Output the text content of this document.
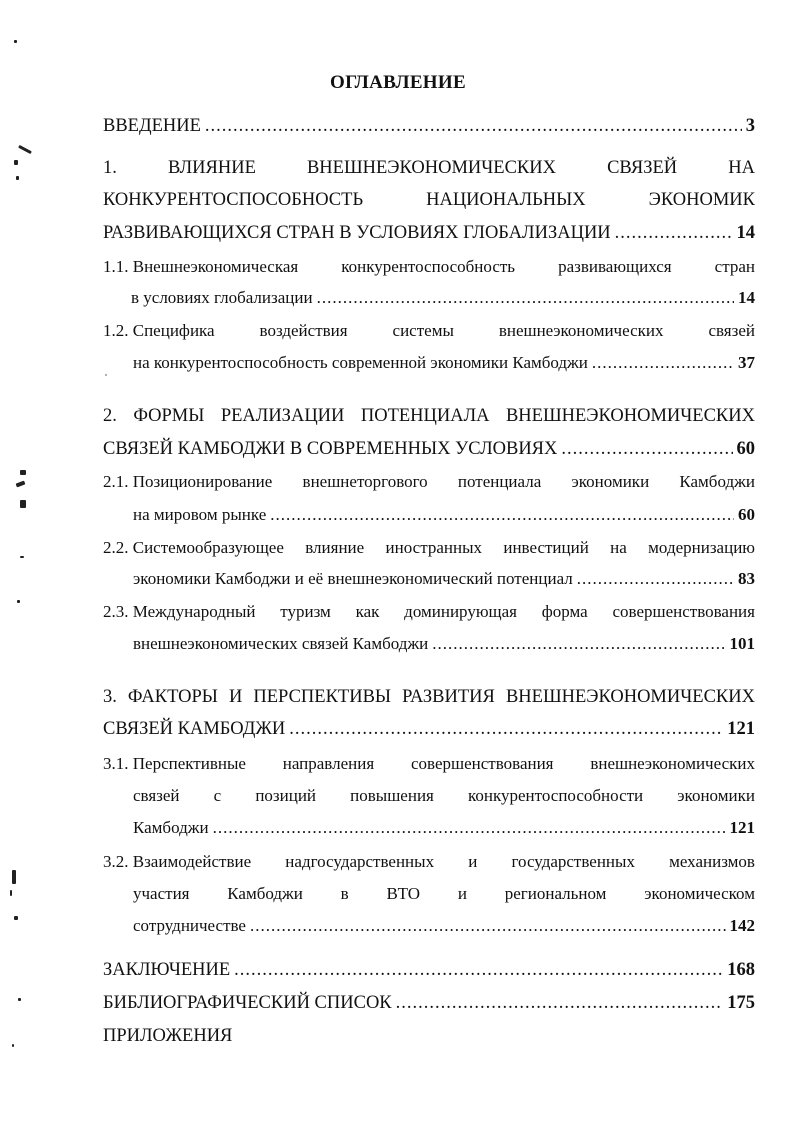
ОГЛАВЛЕНИЕ
ВВЕДЕНИЕ .....	3
1.	ВЛИЯНИЕ	ВНЕШНЕЭКОНОМИЧЕСКИХ	СВЯЗЕЙ	НА
КОНКУРЕНТОСПОСОБНОСТЬ	НАЦИОНАЛЬНЫХ	ЭКОНОМИК
РАЗВИВАЮЩИХСЯ СТРАН В УСЛОВИЯХ ГЛОБАЛИЗАЦИИ .....	14
1.1. Внешнеэкономическая	конкурентоспособность	развивающихся	стран
в условиях глобализации .....	14
1.2. Специфика	воздействия	системы	внешнеэкономических	связей
на конкурентоспособность современной экономики Камбоджи .....	37
2. ФОРМЫ РЕАЛИЗАЦИИ ПОТЕНЦИАЛА ВНЕШНЕЭКОНОМИЧЕСКИХ
СВЯЗЕЙ КАМБОДЖИ В СОВРЕМЕННЫХ УСЛОВИЯХ .....	60
2.1. Позиционирование внешнеторгового потенциала экономики Камбоджи
на мировом рынке .....	60
2.2. Системообразующее влияние иностранных инвестиций на модернизацию
экономики Камбоджи и её внешнеэкономический потенциал .....	83
2.3. Международный туризм как доминирующая форма совершенствования
внешнеэкономических связей Камбоджи .....	101
3. ФАКТОРЫ И ПЕРСПЕКТИВЫ РАЗВИТИЯ ВНЕШНЕЭКОНОМИЧЕСКИХ
СВЯЗЕЙ КАМБОДЖИ .....	121
3.1. Перспективные направления совершенствования внешнеэкономических
связей с позиций повышения конкурентоспособности экономики
Камбоджи .....	121
3.2. Взаимодействие надгосударственных и государственных механизмов
участия Камбоджи в ВТО и региональном экономическом
сотрудничестве .....	142
ЗАКЛЮЧЕНИЕ .....	168
БИБЛИОГРАФИЧЕСКИЙ СПИСОК .....	175
ПРИЛОЖЕНИЯ
